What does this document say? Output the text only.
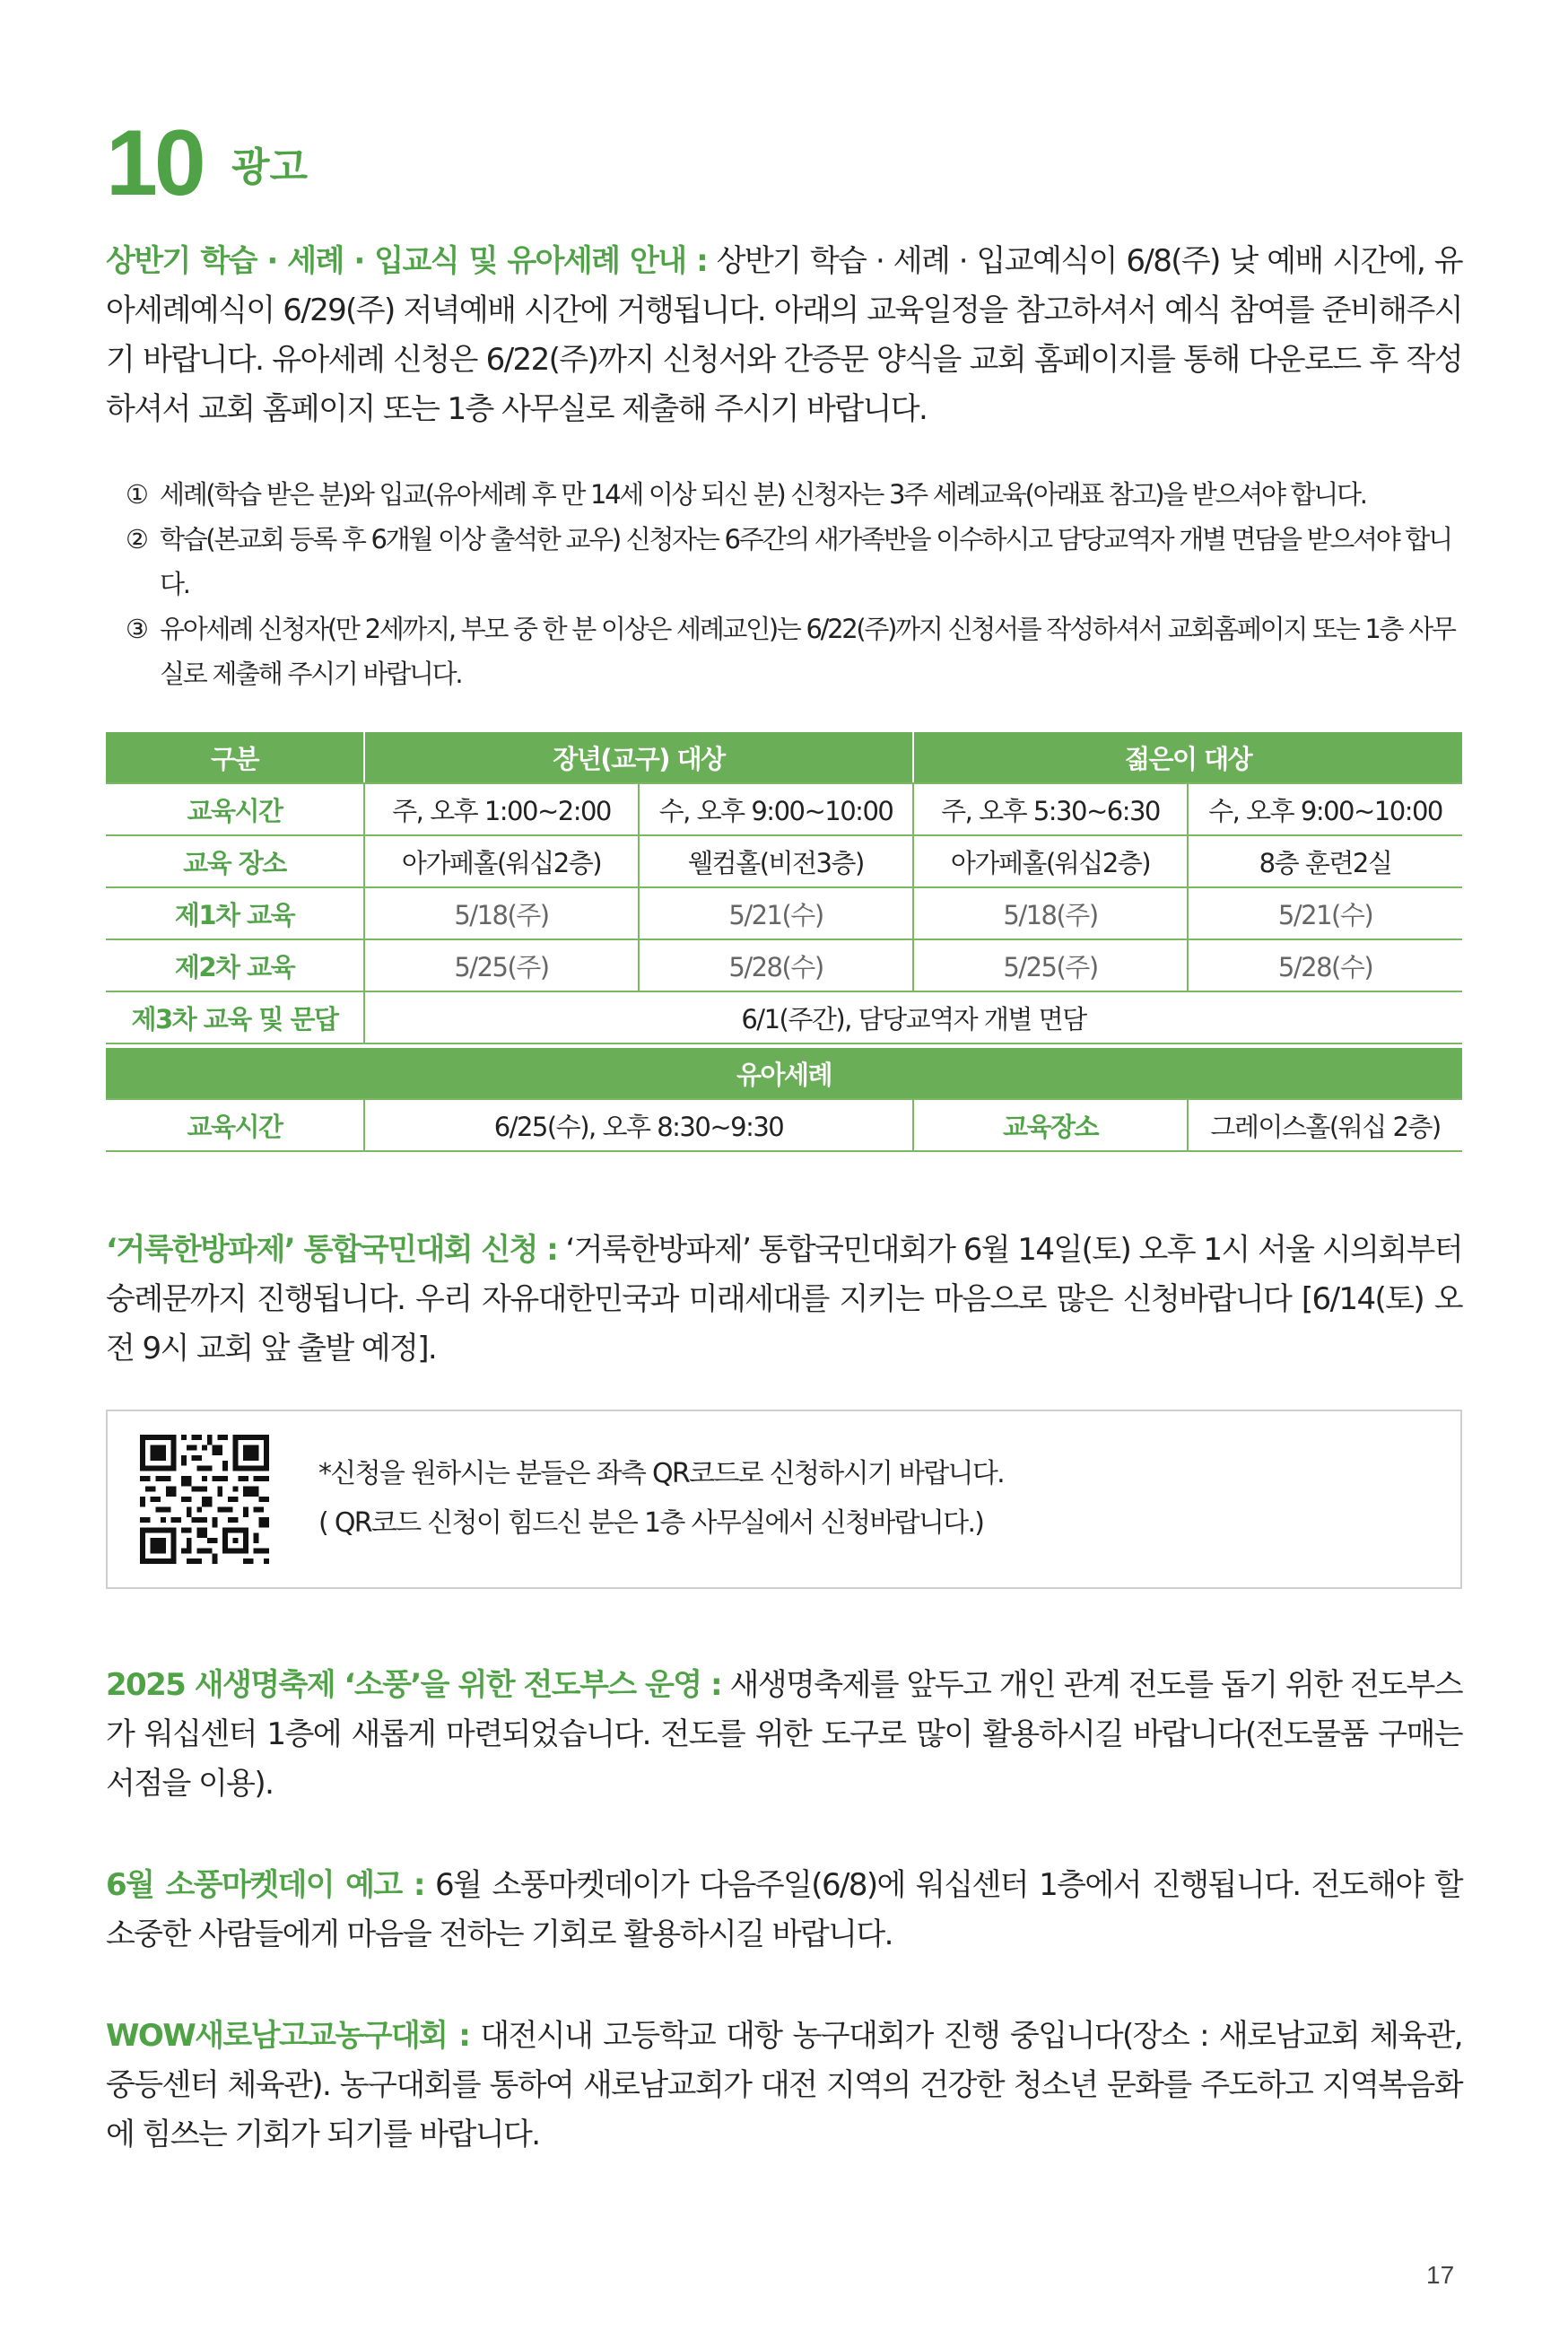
10 광고

상반기 학습 · 세례 · 입교식 및 유아세례 안내 : 상반기 학습 · 세례 · 입교예식이 6/8(주) 낮 예배 시간에, 유아세례예식이 6/29(주) 저녁예배 시간에 거행됩니다. 아래의 교육일정을 참고하셔서 예식 참여를 준비해주시기 바랍니다. 유아세례 신청은 6/22(주)까지 신청서와 간증문 양식을 교회 홈페이지를 통해 다운로드 후 작성하셔서 교회 홈페이지 또는 1층 사무실로 제출해 주시기 바랍니다.

① 세례(학습 받은 분)와 입교(유아세례 후 만 14세 이상 되신 분) 신청자는 3주 세례교육(아래표 참고)을 받으셔야 합니다.
② 학습(본교회 등록 후 6개월 이상 출석한 교우) 신청자는 6주간의 새가족반을 이수하시고 담당교역자 개별 면담을 받으셔야 합니다.
③ 유아세례 신청자(만 2세까지, 부모 중 한 분 이상은 세례교인)는 6/22(주)까지 신청서를 작성하셔서 교회홈페이지 또는 1층 사무실로 제출해 주시기 바랍니다.
구분	장년(교구) 대상		젊은이 대상	
교육시간	주, 오후 1:00~2:00	수, 오후 9:00~10:00	주, 오후 5:30~6:30	수, 오후 9:00~10:00
교육 장소	아가페홀(워십2층)	웰컴홀(비전3층)	아가페홀(워십2층)	8층 훈련2실
제1차 교육	5/18(주)	5/21(수)	5/18(주)	5/21(수)
제2차 교육	5/25(주)	5/28(수)	5/25(주)	5/28(수)
제3차 교육 및 문답	6/1(주간), 담당교역자 개별 면담			

유아세례				
교육시간	6/25(수), 오후 8:30~9:30		교육장소	그레이스홀(워십 2층)

‘거룩한방파제’ 통합국민대회 신청 : ‘거룩한방파제’ 통합국민대회가 6월 14일(토) 오후 1시 서울 시의회부터 숭례문까지 진행됩니다. 우리 자유대한민국과 미래세대를 지키는 마음으로 많은 신청바랍니다 [6/14(토) 오전 9시 교회 앞 출발 예정].

*신청을 원하시는 분들은 좌측 QR코드로 신청하시기 바랍니다.
( QR코드 신청이 힘드신 분은 1층 사무실에서 신청바랍니다.)

2025 새생명축제 ‘소풍’을 위한 전도부스 운영 : 새생명축제를 앞두고 개인 관계 전도를 돕기 위한 전도부스가 워십센터 1층에 새롭게 마련되었습니다. 전도를 위한 도구로 많이 활용하시길 바랍니다(전도물품 구매는 서점을 이용).

6월 소풍마켓데이 예고 : 6월 소풍마켓데이가 다음주일(6/8)에 워십센터 1층에서 진행됩니다. 전도해야 할 소중한 사람들에게 마음을 전하는 기회로 활용하시길 바랍니다.

WOW새로남고교농구대회 : 대전시내 고등학교 대항 농구대회가 진행 중입니다(장소 : 새로남교회 체육관, 중등센터 체육관). 농구대회를 통하여 새로남교회가 대전 지역의 건강한 청소년 문화를 주도하고 지역복음화에 힘쓰는 기회가 되기를 바랍니다.

17
